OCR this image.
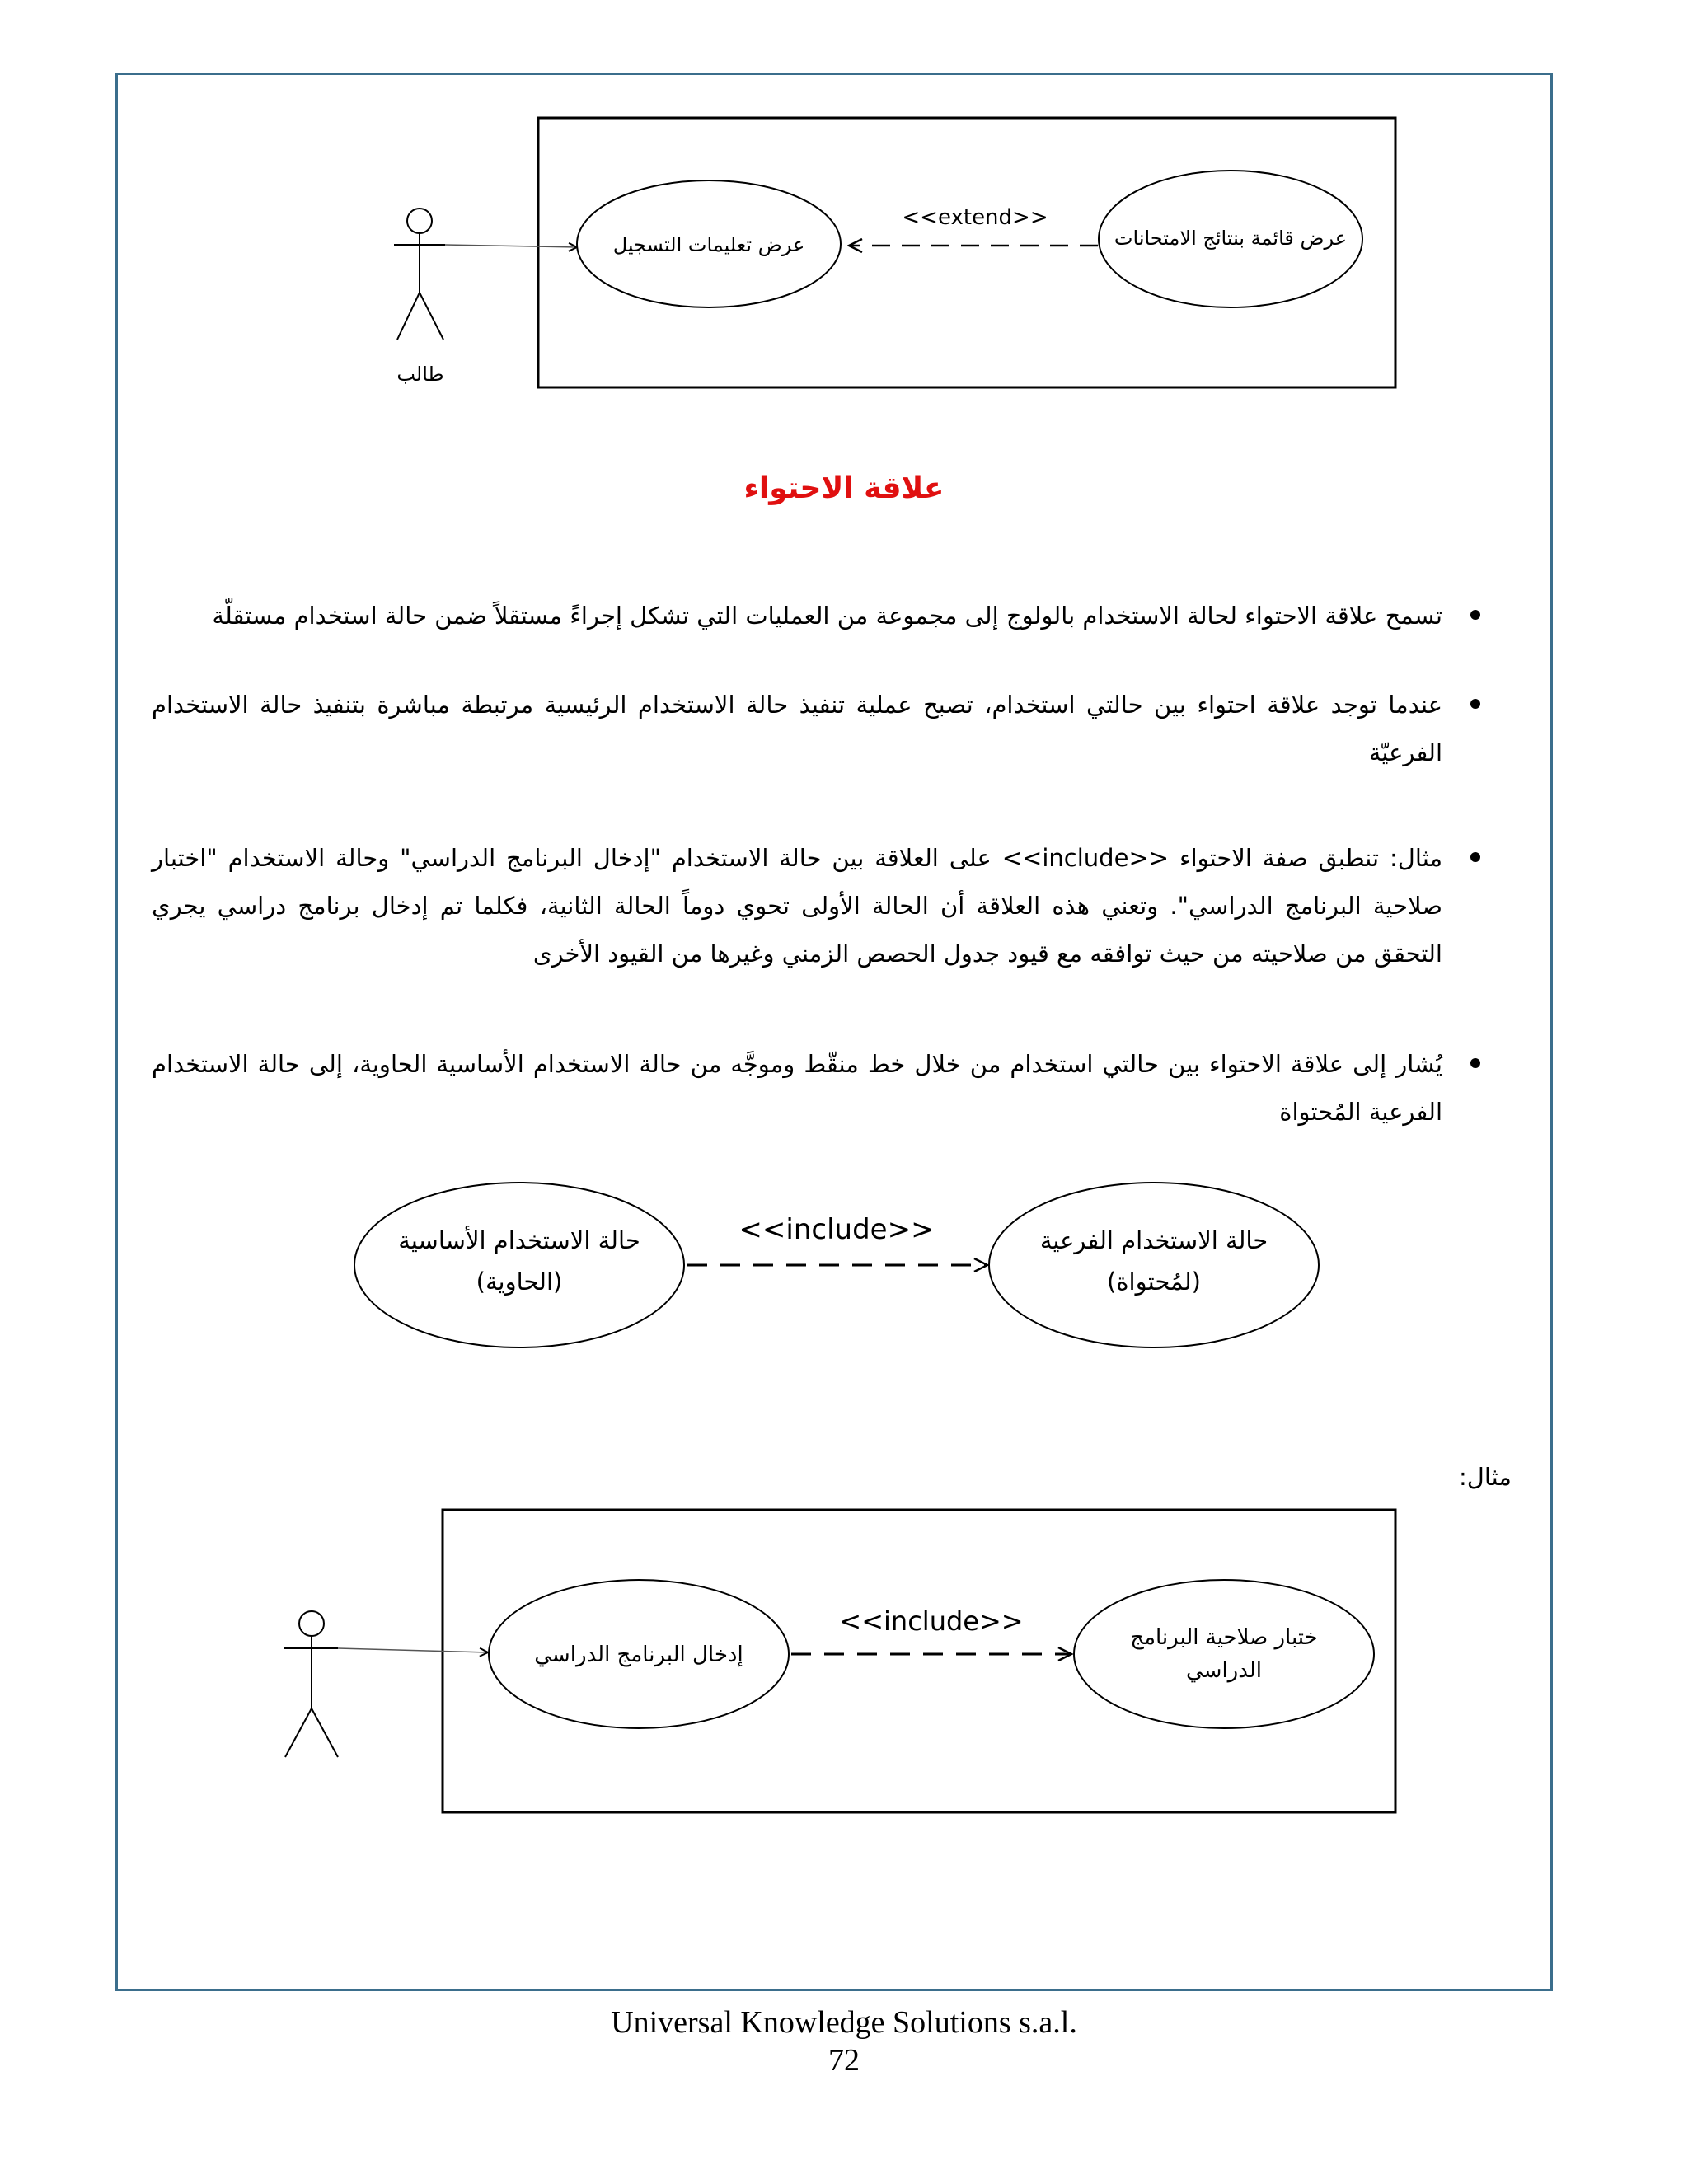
طالب
عرض تعليمات التسجيل	عرض قائمة بنتائج الامتحانات
<<extend>>
حالة الاستخدام الأساسية
(الحاوية)
حالة الاستخدام الفرعية
(لمُحتواة)
<<include>>
إدخال البرنامج الدراسي
ختبار صلاحية البرنامج
الدراسي
<<include>>
علاقة الاحتواء
تسمح علاقة الاحتواء لحالة الاستخدام بالولوج إلى مجموعة من العمليات التي تشكل إجراءً مستقلاً ضمن حالة استخدام مستقلّة
عندما توجد علاقة احتواء بين حالتي استخدام، تصبح عملية تنفيذ حالة الاستخدام الرئيسية مرتبطة مباشرة بتنفيذ حالة الاستخدام الفرعيّة
مثال: تنطبق صفة الاحتواء <<include>> على العلاقة بين حالة الاستخدام "إدخال البرنامج الدراسي" وحالة الاستخدام "اختبار صلاحية البرنامج الدراسي". وتعني هذه العلاقة أن الحالة الأولى تحوي دوماً الحالة الثانية، فكلما تم إدخال برنامج دراسي يجري التحقق من صلاحيته من حيث توافقه مع قيود جدول الحصص الزمني وغيرها من القيود الأخرى
يُشار إلى علاقة الاحتواء بين حالتي استخدام من خلال خط منقّط وموجَّه من حالة الاستخدام الأساسية الحاوية، إلى حالة الاستخدام الفرعية المُحتواة
مثال:
Universal Knowledge Solutions s.a.l.
72
